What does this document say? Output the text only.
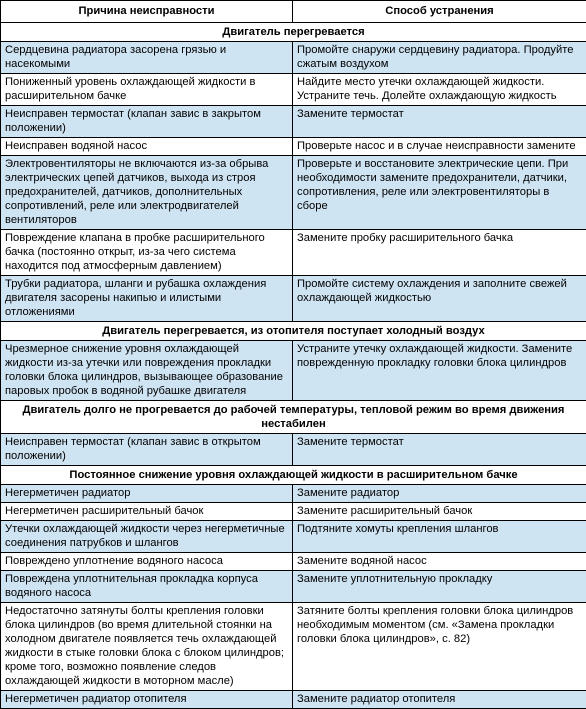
Причина неисправности	Способ устранения
Двигатель перегревается	
Сердцевина радиатора засорена грязью и насекомыми	Промойте снаружи сердцевину радиатора. Продуйте сжатым воздухом
Пониженный уровень охлаждающей жидкости в расширительном бачке	Найдите место утечки охлаждающей жидкости. Устраните течь. Долейте охлаждающую жидкость
Неисправен термостат (клапан завис в закрытом положении)	Замените термостат
Неисправен водяной насос	Проверьте насос и в случае неисправности замените
Электровентиляторы не включаются из-за обрыва электрических цепей датчиков, выхода из строя предохранителей, датчиков, дополнительных сопротивлений, реле или электродвигателей вентиляторов	Проверьте и восстановите электрические цепи. При необходимости замените предохранители, датчики, сопротивления, реле или электровентиляторы в сборе
Повреждение клапана в пробке расширительного бачка (постоянно открыт, из-за чего система находится под атмосферным давлением)	Замените пробку расширительного бачка
Трубки радиатора, шланги и рубашка охлаждения двигателя засорены накипью и илистыми отложениями	Промойте систему охлаждения и заполните свежей охлаждающей жидкостью
Двигатель перегревается, из отопителя поступает холодный воздух	
Чрезмерное снижение уровня охлаждающей жидкости из-за утечки или повреждения прокладки головки блока цилиндров, вызывающее образование паровых пробок в водяной рубашке двигателя	Устраните утечку охлаждающей жидкости. Замените поврежденную прокладку головки блока цилиндров
Двигатель долго не прогревается до рабочей температуры, тепловой режим во время движения нестабилен	
Неисправен термостат (клапан завис в открытом положении)	Замените термостат
Постоянное снижение уровня охлаждающей жидкости в расширительном бачке	
Негерметичен радиатор	Замените радиатор
Негерметичен расширительный бачок	Замените расширительный бачок
Утечки охлаждающей жидкости через негерметичные соединения патрубков и шлангов	Подтяните хомуты крепления шлангов
Повреждено уплотнение водяного насоса	Замените водяной насос
Повреждена уплотнительная прокладка корпуса водяного насоса	Замените уплотнительную прокладку
Недостаточно затянуты болты крепления головки блока цилиндров (во время длительной стоянки на холодном двигателе появляется течь охлаждающей жидкости в стыке головки блока с блоком цилиндров; кроме того, возможно появление следов охлаждающей жидкости в моторном масле)	Затяните болты крепления головки блока цилиндров необходимым моментом (см. «Замена прокладки головки блока цилиндров», с. 82)
Негерметичен радиатор отопителя	Замените радиатор отопителя
